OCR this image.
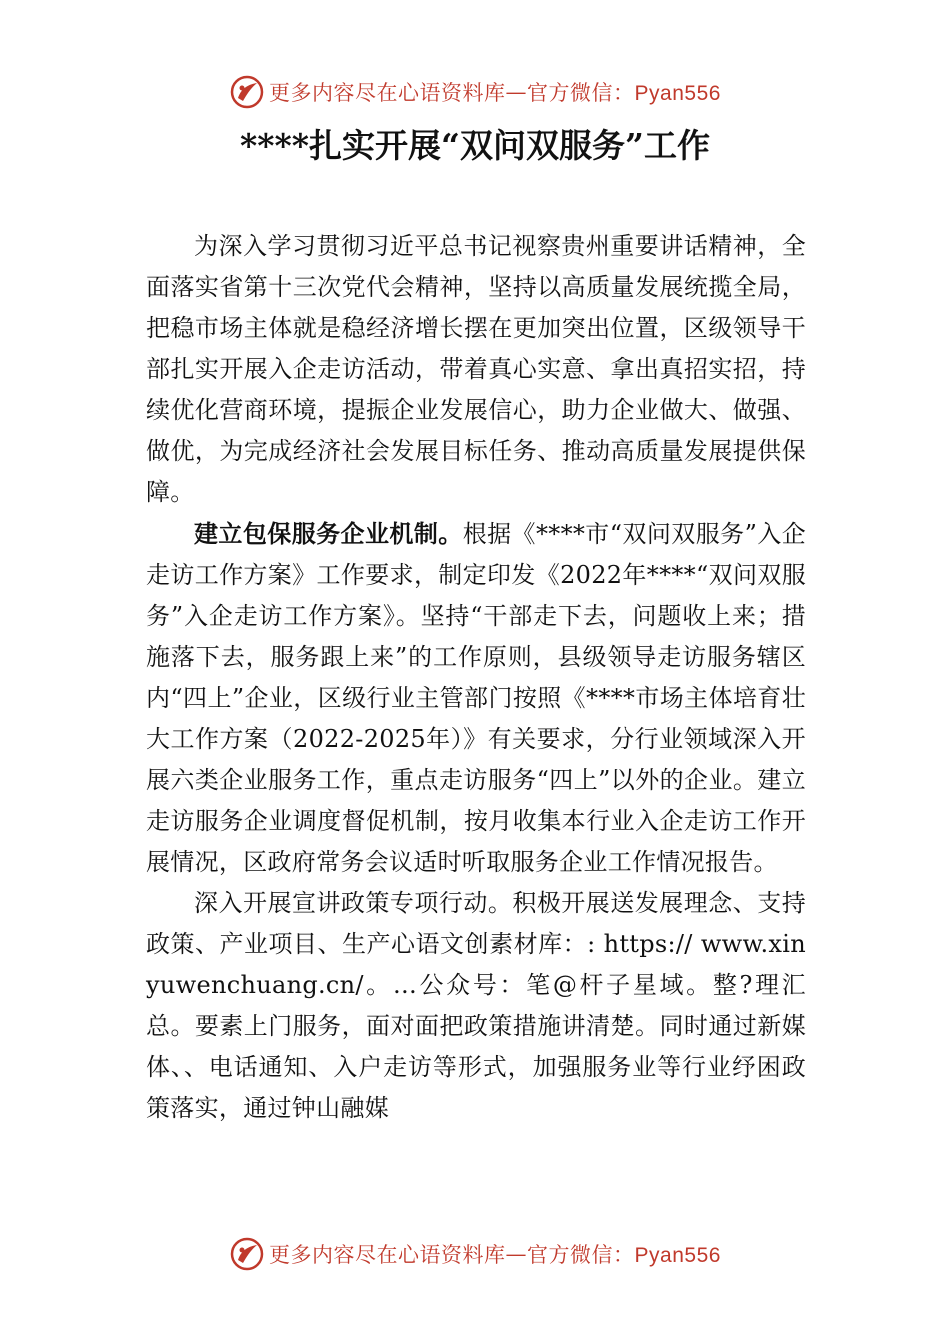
更多内容尽在心语资料库 — 官方微信：Pyan556
****扎实开展“双问双服务”工作

为深入学习贯彻习近平总书记视察贵州重要讲话精神，全面落实省第十三次党代会精神，坚持以高质量发展统揽全局，把稳市场主体就是稳经济增长摆在更加突出位置，区级领导干部扎实开展入企走访活动，带着真心实意、拿出真招实招，持续优化营商环境，提振企业发展信心，助力企业做大、做强、做优，为完成经济社会发展目标任务、推动高质量发展提供保障。

建立包保服务企业机制。根据《****市“双问双服务”入企走访工作方案》工作要求，制定印发《2022年****“双问双服务”入企走访工作方案》。坚持“干部走下去，问题收上来；措施落下去，服务跟上来”的工作原则，县级领导走访服务辖区内“四上”企业，区级行业主管部门按照《****市场主体培育壮大工作方案（2022-2025年）》有关要求，分行业领域深入开展六类企业服务工作，重点走访服务“四上”以外的企业。建立走访服务企业调度督促机制，按月收集本行业入企走访工作开展情况，区政府常务会议适时听取服务企业工作情况报告。

深入开展宣讲政策专项行动。积极开展送发展理念、支持政策、产业项目、生产心语文创素材库：: https:// www.xinyuwenchuang.cn/。…公众号：笔@杆子星域。整?理汇总。要素上门服务，面对面把政策措施讲清楚。同时通过新媒体、、电话通知、入户走访等形式，加强服务业等行业纾困政策落实，通过钟山融媒

更多内容尽在心语资料库 — 官方微信：Pyan556
